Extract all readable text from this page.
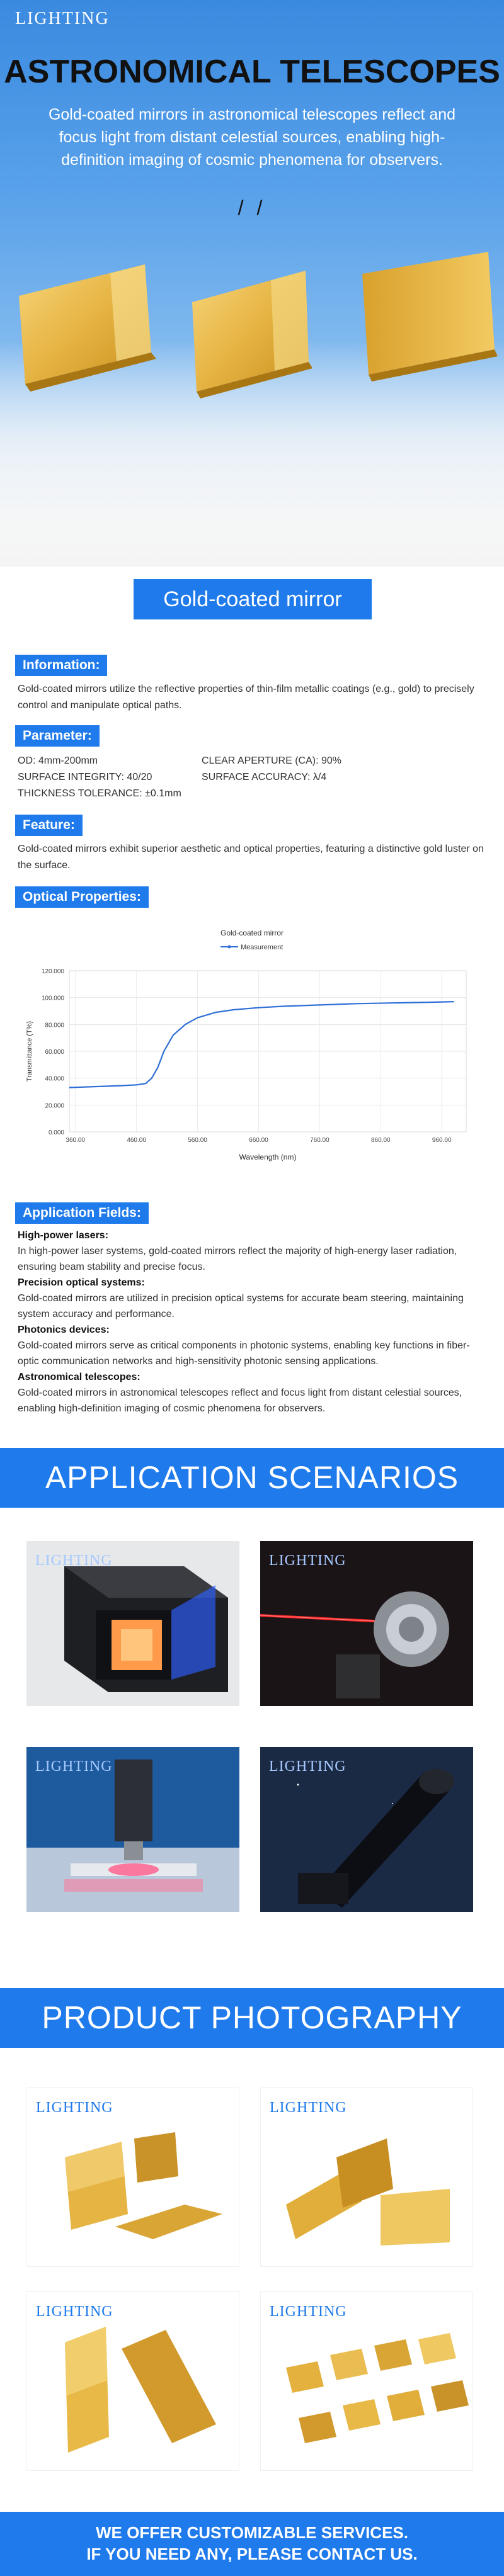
LIGHTING
ASTRONOMICAL TELESCOPES
Gold-coated mirrors in astronomical telescopes reflect and focus light from distant celestial sources, enabling high-definition imaging of cosmic phenomena for observers.
/ /
Gold-coated mirror
Information:
Gold-coated mirrors utilize the reflective properties of thin-film metallic coatings (e.g., gold) to precisely control and manipulate optical paths.
Parameter:
OD: 4mm-200mm	CLEAR APERTURE (CA): 90%
SURFACE INTEGRITY: 40/20	SURFACE ACCURACY: λ/4
THICKNESS TOLERANCE: ±0.1mm
Feature:
Gold-coated mirrors exhibit superior aesthetic and optical properties, featuring a distinctive gold luster on the surface.
Optical Properties:
Gold-coated mirror
Measurement
0.000
20.000
40.000
60.000
80.000
100.000
120.000
360.00	460.00	560.00	660.00	760.00	860.00	960.00
Transmittance (T%)
Wavelength (nm)
Application Fields:
High-power lasers:
In high-power laser systems, gold-coated mirrors reflect the majority of high-energy laser radiation, ensuring beam stability and precise focus.
Precision optical systems:
Gold-coated mirrors are utilized in precision optical systems for accurate beam steering, maintaining system accuracy and performance.
Photonics devices:
Gold-coated mirrors serve as critical components in photonic systems, enabling key functions in fiber-optic communication networks and high-sensitivity photonic sensing applications.
Astronomical telescopes:
Gold-coated mirrors in astronomical telescopes reflect and focus light from distant celestial sources, enabling high-definition imaging of cosmic phenomena for observers.
APPLICATION SCENARIOS
LIGHTING	LIGHTING
LIGHTING	LIGHTING
PRODUCT PHOTOGRAPHY
LIGHTING	LIGHTING
LIGHTING	LIGHTING
WE OFFER CUSTOMIZABLE SERVICES.
IF YOU NEED ANY, PLEASE CONTACT US.
